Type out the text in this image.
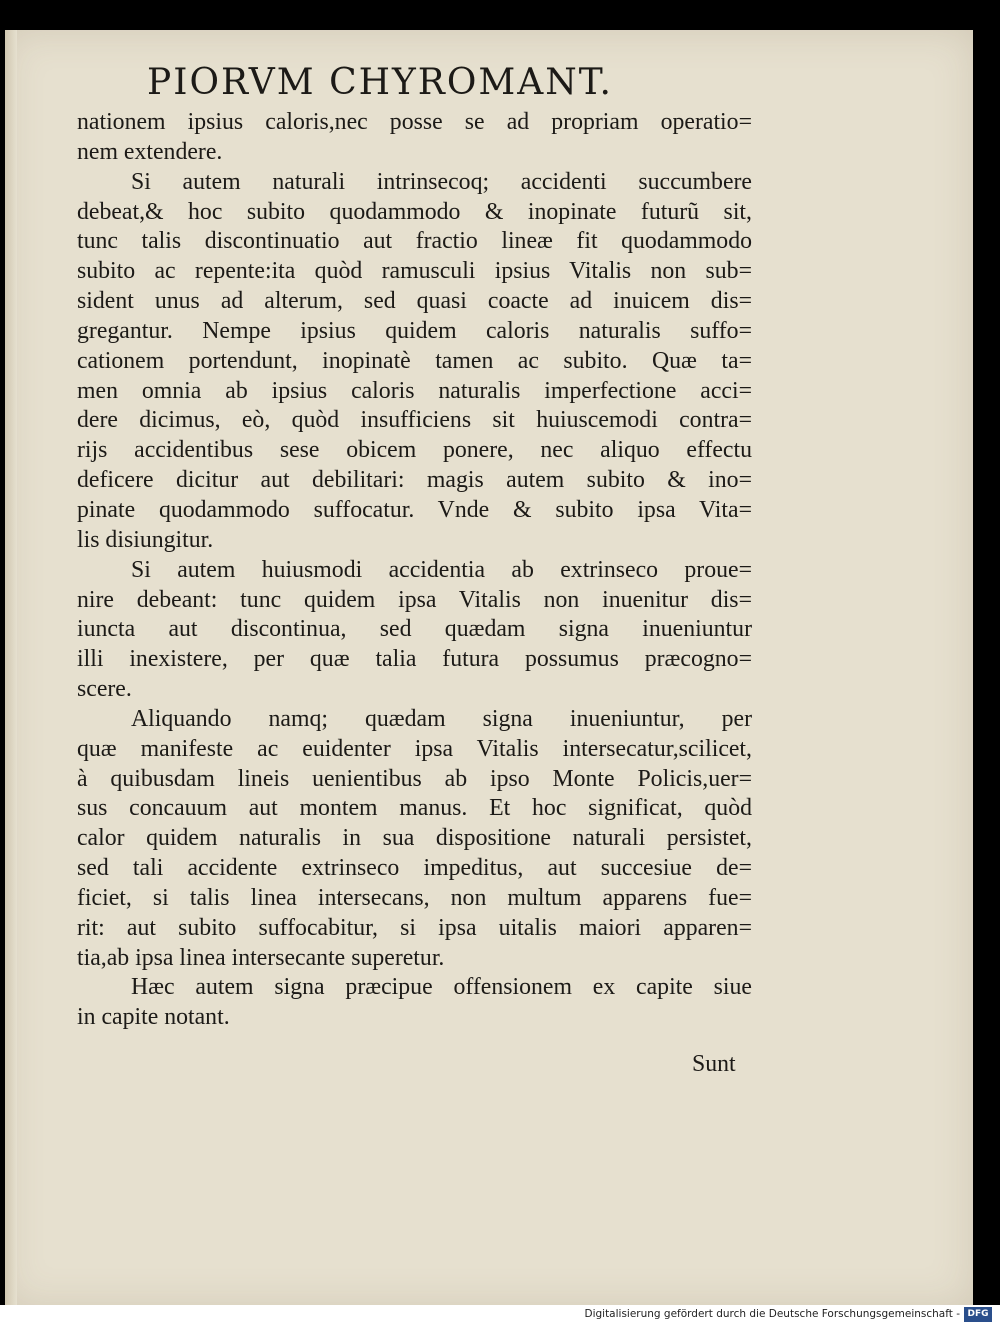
PIORVM CHYROMANT.
nationem ipsius caloris,nec posse se ad propriam operatio=
nem extendere.
Si autem naturali intrinsecoq; accidenti succumbere
debeat,& hoc subito quodammodo & inopinate futurũ sit,
tunc talis discontinuatio aut fractio lineæ fit quodammodo
subito ac repente:ita quòd ramusculi ipsius Vitalis non sub=
sident unus ad alterum, sed quasi coacte ad inuicem dis=
gregantur. Nempe ipsius quidem caloris naturalis suffo=
cationem portendunt, inopinatè tamen ac subito. Quæ ta=
men omnia ab ipsius caloris naturalis imperfectione acci=
dere dicimus, eò, quòd insufficiens sit huiuscemodi contra=
rijs accidentibus sese obicem ponere, nec aliquo effectu
deficere dicitur aut debilitari: magis autem subito & ino=
pinate quodammodo suffocatur. Vnde & subito ipsa Vita=
lis disiungitur.
Si autem huiusmodi accidentia ab extrinseco proue=
nire debeant: tunc quidem ipsa Vitalis non inuenitur dis=
iuncta aut discontinua, sed quædam signa inueniuntur
illi inexistere, per quæ talia futura possumus præcogno=
scere.
Aliquando namq; quædam signa inueniuntur, per
quæ manifeste ac euidenter ipsa Vitalis intersecatur,scilicet,
à quibusdam lineis uenientibus ab ipso Monte Policis,uer=
sus concauum aut montem manus. Et hoc significat, quòd
calor quidem naturalis in sua dispositione naturali persistet,
sed tali accidente extrinseco impeditus, aut succesiue de=
ficiet, si talis linea intersecans, non multum apparens fue=
rit: aut subito suffocabitur, si ipsa uitalis maiori apparen=
tia,ab ipsa linea intersecante superetur.
Hæc autem signa præcipue offensionem ex capite siue
in capite notant.
Sunt
Digitalisierung gefördert durch die Deutsche Forschungsgemeinschaft - DFG
